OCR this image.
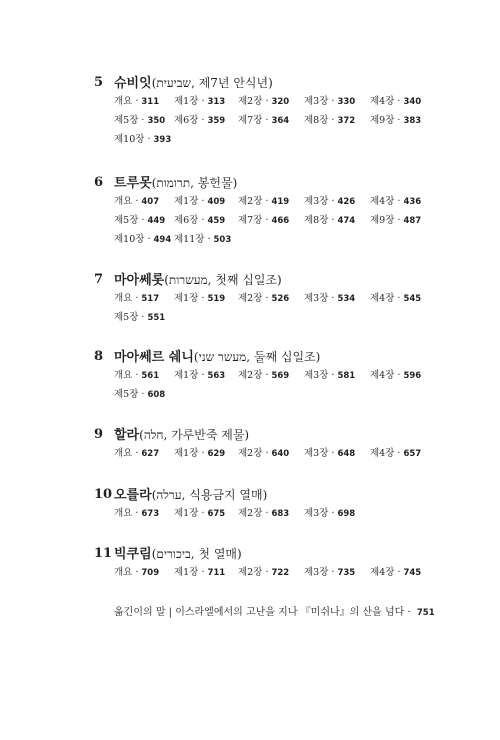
5 슈비잇(שביעית, 제7년 안식년)
개요 · 311 제1장 · 313 제2장 · 320 제3장 · 330 제4장 · 340
제5장 · 350 제6장 · 359 제7장 · 364 제8장 · 372 제9장 · 383
제10장 · 393
6 트루못(תרומות, 봉헌물)
개요 · 407 제1장 · 409 제2장 · 419 제3장 · 426 제4장 · 436
제5장 · 449 제6장 · 459 제7장 · 466 제8장 · 474 제9장 · 487
제10장 · 494 제11장 · 503
7 마아쎄롯(מעשרות, 첫째 십일조)
개요 · 517 제1장 · 519 제2장 · 526 제3장 · 534 제4장 · 545
제5장 · 551
8 마아쎄르 쉐니(מעשר שני, 둘째 십일조)
개요 · 561 제1장 · 563 제2장 · 569 제3장 · 581 제4장 · 596
제5장 · 608
9 할라(חלה, 가루반죽 제물)
개요 · 627 제1장 · 629 제2장 · 640 제3장 · 648 제4장 · 657
10 오를라(ערלה, 식용금지 열매)
개요 · 673 제1장 · 675 제2장 · 683 제3장 · 698
11 빅쿠림(ביכורים, 첫 열매)
개요 · 709 제1장 · 711 제2장 · 722 제3장 · 735 제4장 · 745
옮긴이의 말 | 이스라엘에서의 고난을 지나 『미쉬나』의 산을 넘다 · 751
